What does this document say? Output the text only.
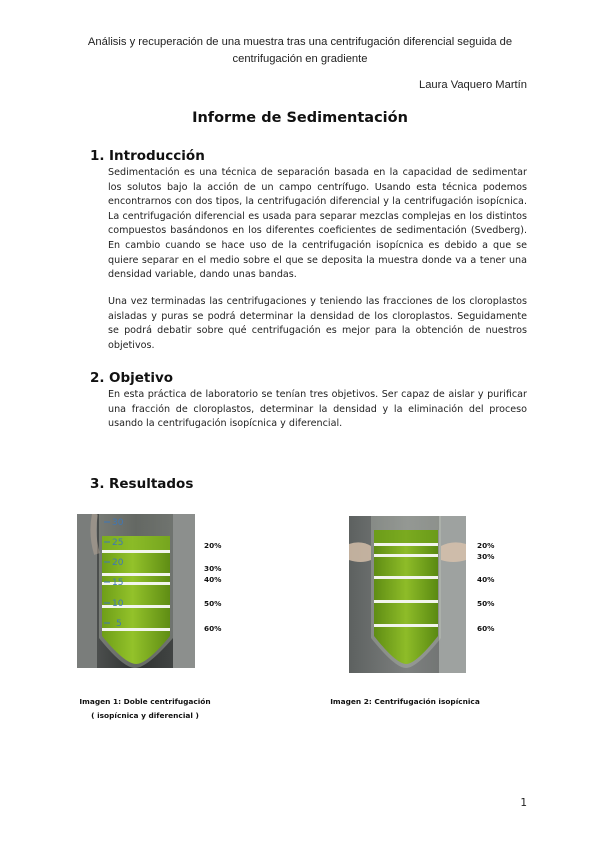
Análisis y recuperación de una muestra tras una centrifugación diferencial seguida de
centrifugación en gradiente
Laura Vaquero Martín
Informe de Sedimentación
1. Introducción
Sedimentación es una técnica de separación basada en la capacidad de sedimentar los solutos bajo la acción de un campo centrífugo. Usando esta técnica podemos encontrarnos con dos tipos, la centrifugación diferencial y la centrifugación isopícnica. La centrifugación diferencial es usada para separar mezclas complejas en los distintos compuestos basándonos en los diferentes coeficientes de sedimentación (Svedberg). En cambio cuando se hace uso de la centrifugación isopícnica es debido a que se quiere separar en el medio sobre el que se deposita la muestra donde va a tener una densidad variable, dando unas bandas.
Una vez terminadas las centrifugaciones y teniendo las fracciones de los cloroplastos aisladas y puras se podrá determinar la densidad de los cloroplastos. Seguidamente se podrá debatir sobre qué centrifugación es mejor para la obtención de nuestros objetivos.
2. Objetivo
En esta práctica de laboratorio se tenían tres objetivos. Ser capaz de aislar y purificar una fracción de cloroplastos, determinar la densidad y la eliminación del proceso usando la centrifugación isopícnica y diferencial.
3. Resultados
30
25
20
15
10
5
20%
30%
40%
50%
60%
Imagen 1: Doble centrifugación
( isopícnica y diferencial )
20%
30%
40%
50%
60%
Imagen 2: Centrifugación isopícnica
1
